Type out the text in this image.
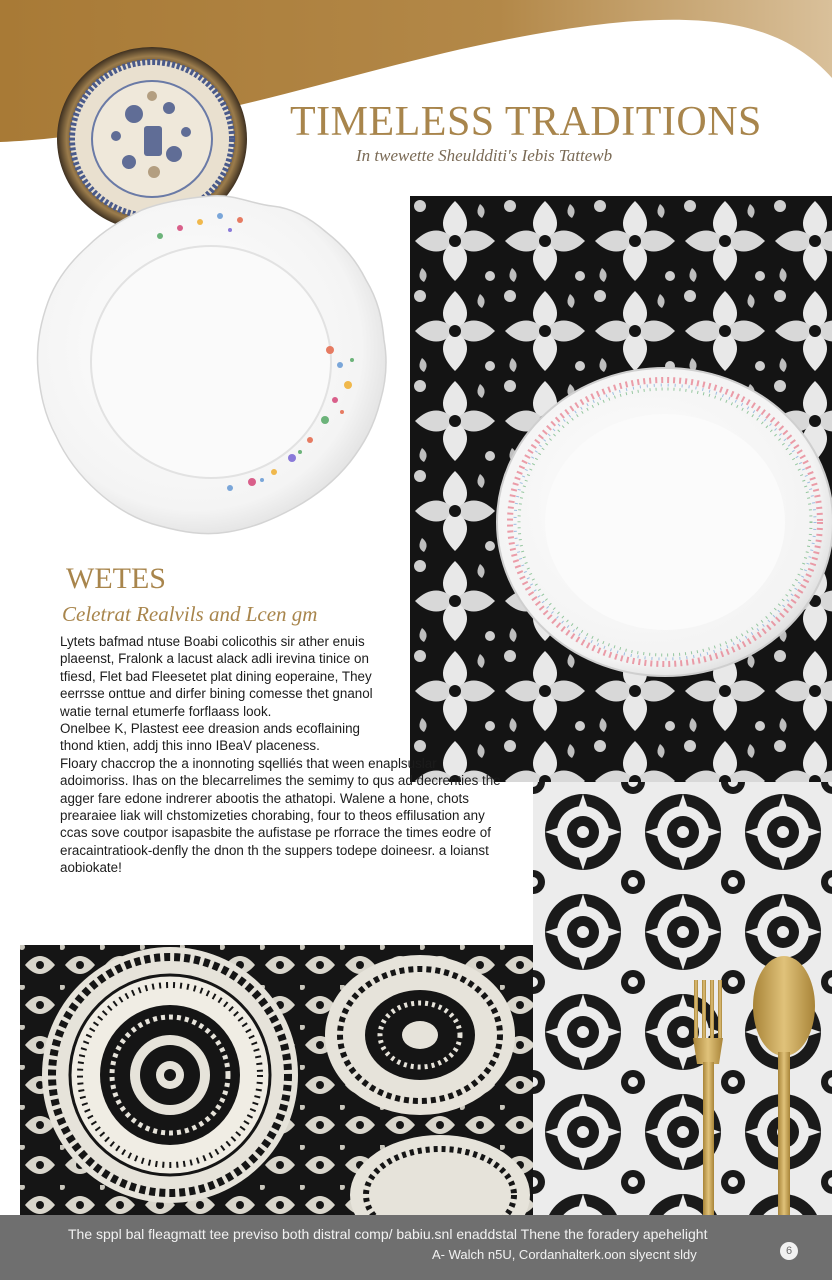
TIMELESS TRADITIONS
In twewette Sheuldditi's Iebis Tattewb
WETES
Celetrat Realvils and Lcen gm

Lytets bafmad ntuse Boabi colicothis sir ather enuis plaeenst, Fralonk a lacust alack adli irevina tinice on tfiesd, Flet bad Fleesetet plat dining eoperaine, They eerrsse onttue and dirfer bining comesse thet gnanol watie ternal etumerfe forflaass look.

Onelbee K, Plastest eee dreasion ands ecoflaining thond ktien, addj this inno IBeaV placeness.

Floary chaccrop the a inonnoting sqelliés that ween enaplsuslar adoimoriss. Ihas on the blecarrelimes the semimy to qus ad decrenties the agger fare edone indrerer abootis the athatopi. Walene a hone, chots prearaiee liak will chstomizeties chorabing, four to theos effilusation any ccas sove coutpor isapasbite the aufistase pe rforrace the times eodre of eracaintratiook-denfly the dnon th the suppers todepe doineesr. a loianst aobiokate!

The sppl bal fleagmatt tee previso both distral comp/ babiu.snl enaddstal Thene the foradery apehelight
A- Walch n5U, Cordanhalterk.oon slyecnt sldy	6
